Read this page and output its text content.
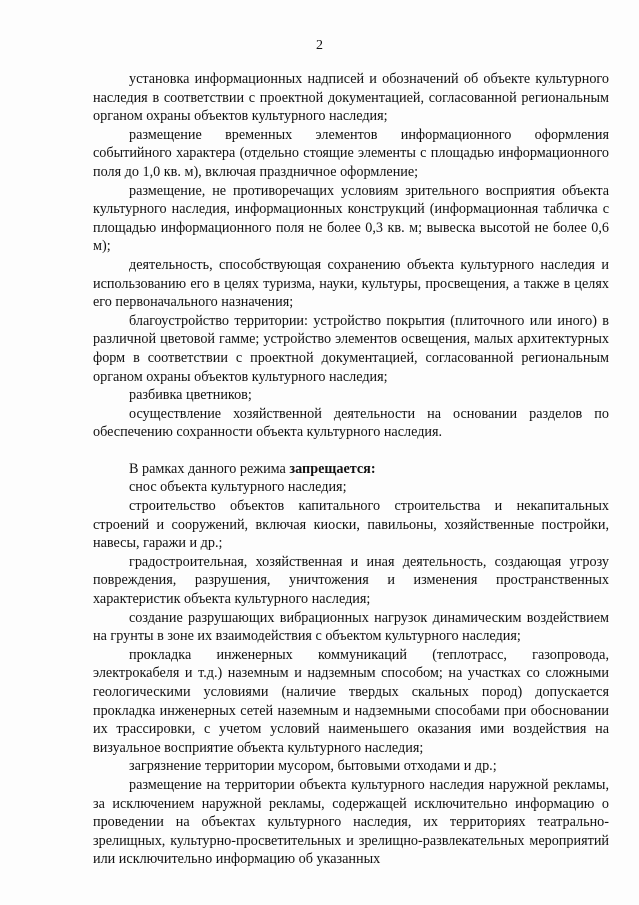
2

установка информационных надписей и обозначений об объекте культурного наследия в соответствии с проектной документацией, согласованной региональным органом охраны объектов культурного наследия;

размещение временных элементов информационного оформления событийного характера (отдельно стоящие элементы с площадью информационного поля до 1,0 кв. м), включая праздничное оформление;

размещение, не противоречащих условиям зрительного восприятия объекта культурного наследия, информационных конструкций (информационная табличка с площадью информационного поля не более 0,3 кв. м; вывеска высотой не более 0,6 м);

деятельность, способствующая сохранению объекта культурного наследия и использованию его в целях туризма, науки, культуры, просвещения, а также в целях его первоначального назначения;

благоустройство территории: устройство покрытия (плиточного или иного) в различной цветовой гамме; устройство элементов освещения, малых архитектурных форм в соответствии с проектной документацией, согласованной региональным органом охраны объектов культурного наследия;

разбивка цветников;

осуществление хозяйственной деятельности на основании разделов по обеспечению сохранности объекта культурного наследия.

В рамках данного режима запрещается:

снос объекта культурного наследия;

строительство объектов капитального строительства и некапитальных строений и сооружений, включая киоски, павильоны, хозяйственные постройки, навесы, гаражи и др.;

градостроительная, хозяйственная и иная деятельность, создающая угрозу повреждения, разрушения, уничтожения и изменения пространственных характеристик объекта культурного наследия;

создание разрушающих вибрационных нагрузок динамическим воздействием на грунты в зоне их взаимодействия с объектом культурного наследия;

прокладка инженерных коммуникаций (теплотрасс, газопровода, электрокабеля и т.д.) наземным и надземным способом; на участках со сложными геологическими условиями (наличие твердых скальных пород) допускается прокладка инженерных сетей наземным и надземными способами при обосновании их трассировки, с учетом условий наименьшего оказания ими воздействия на визуальное восприятие объекта культурного наследия;

загрязнение территории мусором, бытовыми отходами и др.;

размещение на территории объекта культурного наследия наружной рекламы, за исключением наружной рекламы, содержащей исключительно информацию о проведении на объектах культурного наследия, их территориях театрально-зрелищных, культурно-просветительных и зрелищно-развлекательных мероприятий или исключительно информацию об указанных
